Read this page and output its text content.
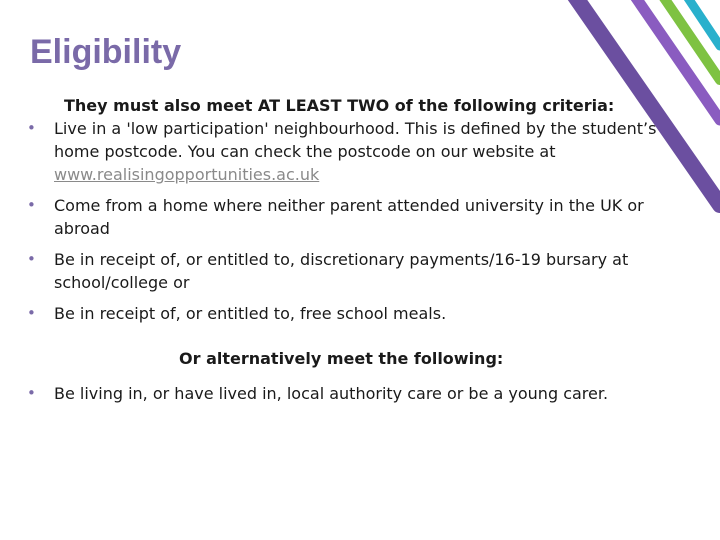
Eligibility

They must also meet AT LEAST TWO of the following criteria:

• Live in a 'low participation' neighbourhood. This is defined by the student’s home postcode. You can check the postcode on our website at www.realisingopportunities.ac.uk
• Come from a home where neither parent attended university in the UK or abroad
• Be in receipt of, or entitled to, discretionary payments/16-19 bursary at school/college or
• Be in receipt of, or entitled to, free school meals.

Or alternatively meet the following:

• Be living in, or have lived in, local authority care or be a young carer.
